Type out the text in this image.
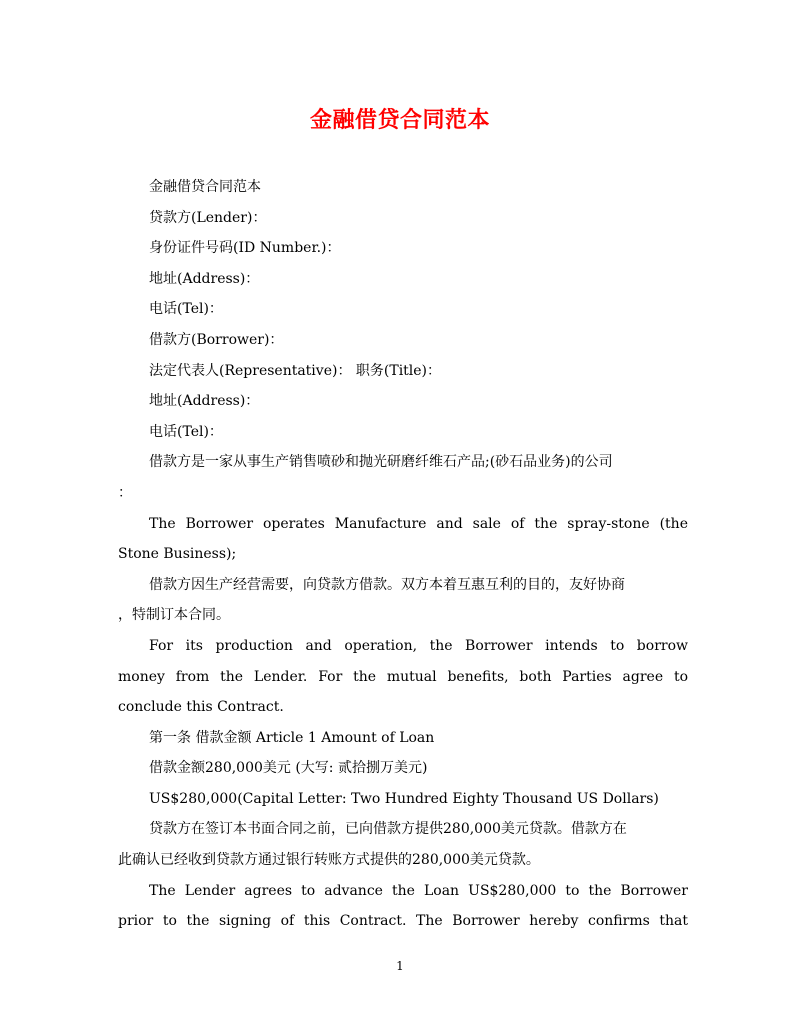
金融借贷合同范本
金融借贷合同范本
贷款方(Lender)：
身份证件号码(ID Number.)：
地址(Address)：
电话(Tel)：
借款方(Borrower)：
法定代表人(Representative)： 职务(Title)：
地址(Address)：
电话(Tel)：
借款方是一家从事生产销售喷砂和抛光研磨纤维石产品;(砂石品业务)的公司
：
The Borrower operates Manufacture and sale of the spray-stone (the
Stone Business);
借款方因生产经营需要，向贷款方借款。双方本着互惠互利的目的，友好协商
，特制订本合同。
For its production and operation, the Borrower intends to borrow
money from the Lender. For the mutual benefits, both Parties agree to
conclude this Contract.
第一条 借款金额 Article 1 Amount of Loan
借款金额280,000美元 (大写: 贰拾捌万美元)
US$280,000(Capital Letter: Two Hundred Eighty Thousand US Dollars)
贷款方在签订本书面合同之前，已向借款方提供280,000美元贷款。借款方在
此确认已经收到贷款方通过银行转账方式提供的280,000美元贷款。
The Lender agrees to advance the Loan US$280,000 to the Borrower
prior to the signing of this Contract. The Borrower hereby confirms that
1
